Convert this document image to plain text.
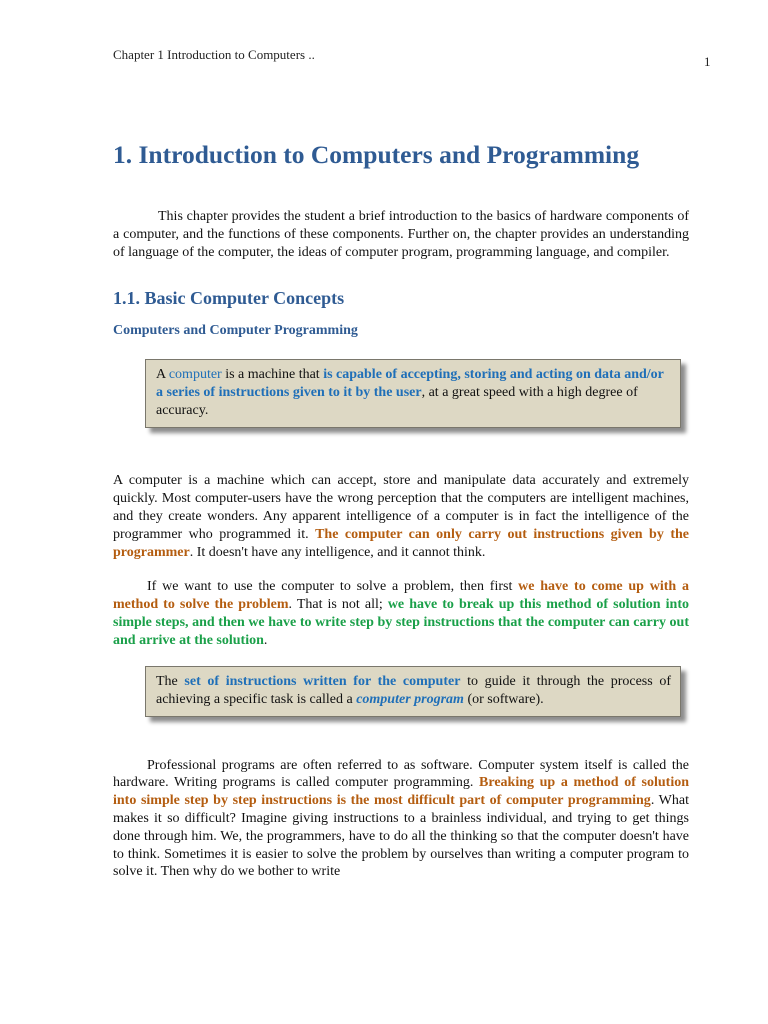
Chapter 1 Introduction to Computers ..	1
1. Introduction to Computers and Programming

This chapter provides the student a brief introduction to the basics of hardware components of a computer, and the functions of these components. Further on, the chapter provides an understanding of language of the computer, the ideas of computer program, programming language, and compiler.

1.1. Basic Computer Concepts
Computers and Computer Programming

A computer is a machine that is capable of accepting, storing and acting on data and/or a series of instructions given to it by the user, at a great speed with a high degree of accuracy.

A computer is a machine which can accept, store and manipulate data accurately and extremely quickly. Most computer-users have the wrong perception that the computers are intelligent machines, and they create wonders. Any apparent intelligence of a computer is in fact the intelligence of the programmer who programmed it. The computer can only carry out instructions given by the programmer. It doesn't have any intelligence, and it cannot think.

If we want to use the computer to solve a problem, then first we have to come up with a method to solve the problem. That is not all; we have to break up this method of solution into simple steps, and then we have to write step by step instructions that the computer can carry out and arrive at the solution.

The set of instructions written for the computer to guide it through the process of achieving a specific task is called a computer program (or software).

Professional programs are often referred to as software. Computer system itself is called the hardware. Writing programs is called computer programming. Breaking up a method of solution into simple step by step instructions is the most difficult part of computer programming. What makes it so difficult? Imagine giving instructions to a brainless individual, and trying to get things done through him. We, the programmers, have to do all the thinking so that the computer doesn't have to think. Sometimes it is easier to solve the problem by ourselves than writing a computer program to solve it. Then why do we bother to write
